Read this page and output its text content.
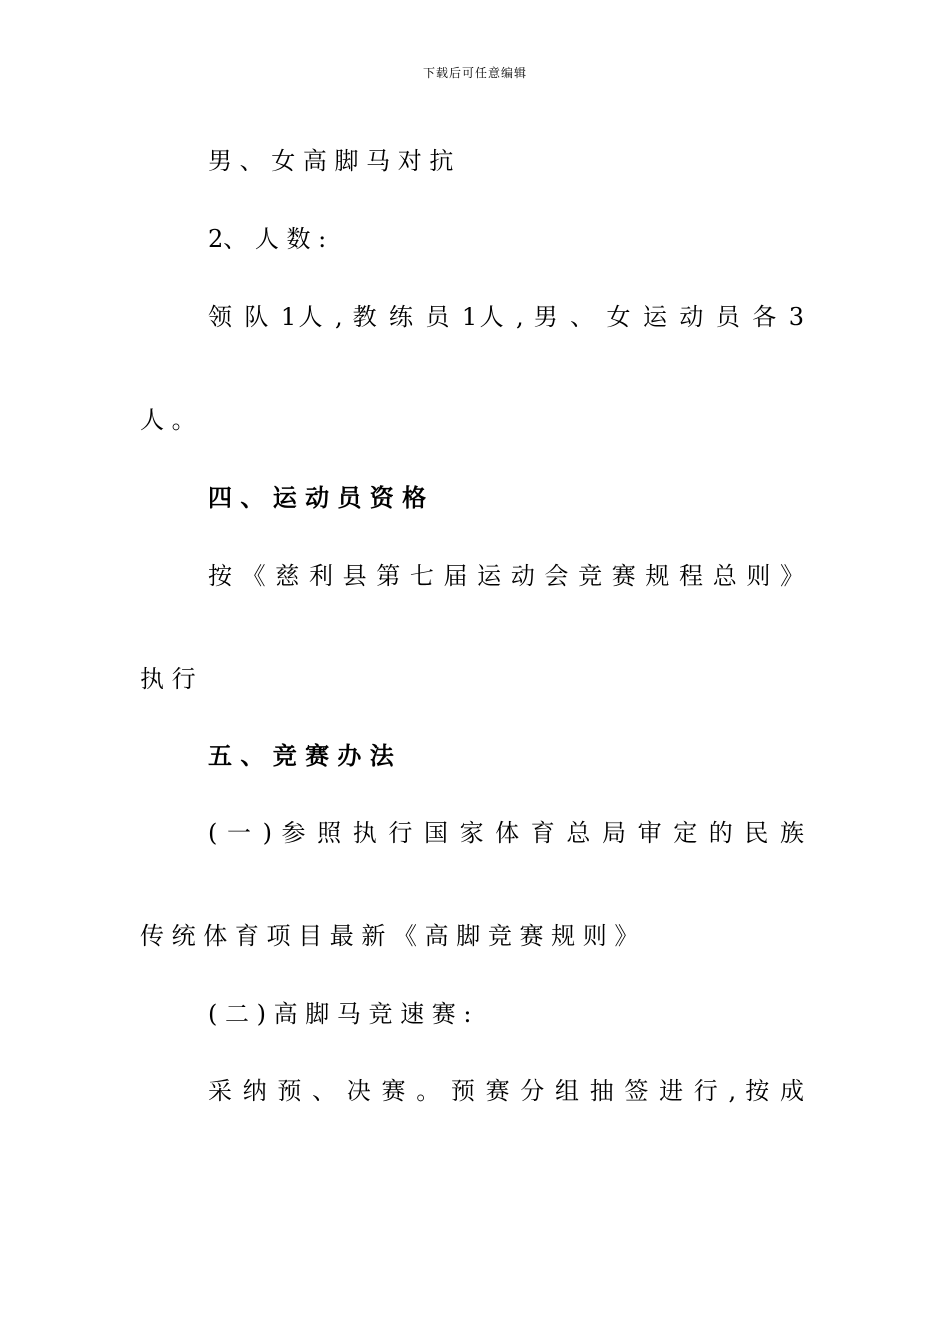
下载后可任意编辑
男 、 女 高 脚 马 对 抗
2、 人 数 :
领 队 1人 , 教 练 员 1人 , 男 、 女 运 动 员 各 3
人 。
四 、 运 动 员 资 格
按 《 慈 利 县 第 七 届 运 动 会 竞 赛 规 程 总 则 》
执 行
五 、 竞 赛 办 法
( 一 ) 参 照 执 行 国 家 体 育 总 局 审 定 的 民 族
传 统 体 育 项 目 最 新 《 高 脚 竞 赛 规 则 》
( 二 ) 高 脚 马 竞 速 赛 :
采 纳 预 、 决 赛 。 预 赛 分 组 抽 签 进 行 , 按 成
